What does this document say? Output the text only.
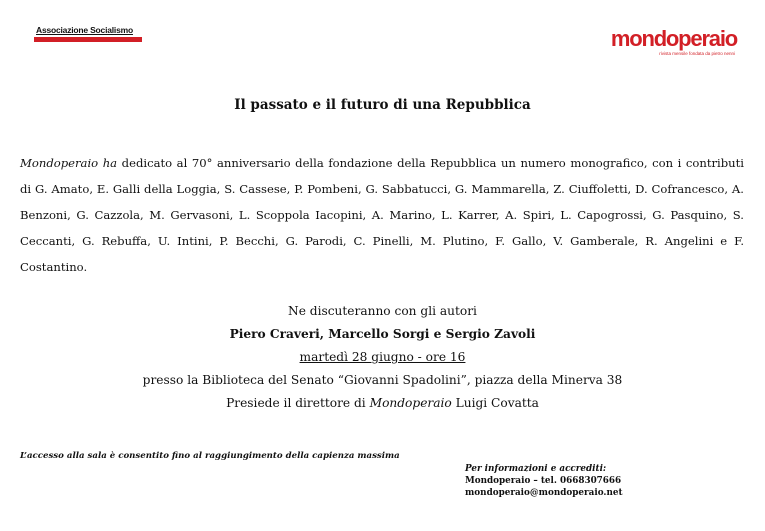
Associazione Socialismo	mondoperaio
rivista mensile fondata da pietro nenni
Il passato e il futuro di una Repubblica

Mondoperaio ha dedicato al 70° anniversario della fondazione della Repubblica un numero monografico, con i contributi di G. Amato, E. Galli della Loggia, S. Cassese, P. Pombeni, G. Sabbatucci, G. Mammarella, Z. Ciuffoletti, D. Cofrancesco, A. Benzoni, G. Cazzola, M. Gervasoni, L. Scoppola Iacopini, A. Marino, L. Karrer, A. Spiri, L. Capogrossi, G. Pasquino, S. Ceccanti, G. Rebuffa, U. Intini, P. Becchi, G. Parodi, C. Pinelli, M. Plutino, F. Gallo, V. Gamberale, R. Angelini e F. Costantino.

Ne discuteranno con gli autori
Piero Craveri, Marcello Sorgi e Sergio Zavoli
martedì 28 giugno - ore 16
presso la Biblioteca del Senato “Giovanni Spadolini”, piazza della Minerva 38
Presiede il direttore di Mondoperaio Luigi Covatta
L’accesso alla sala è consentito fino al raggiungimento della capienza massima
Per informazioni e accrediti:
Mondoperaio – tel. 0668307666
mondoperaio@mondoperaio.net
